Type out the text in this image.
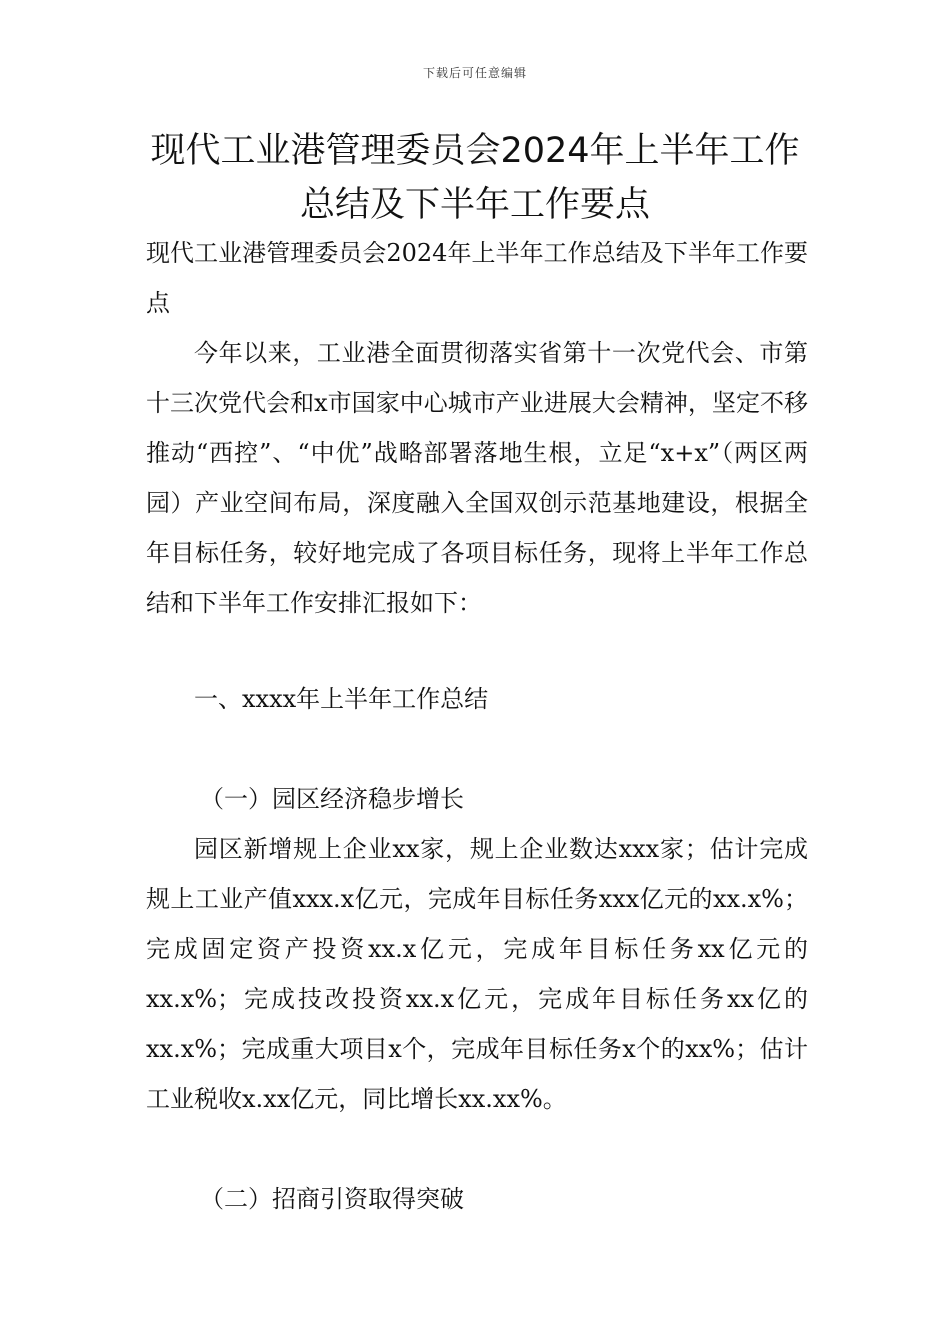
下载后可任意编辑
现代工业港管理委员会2024年上半年工作
总结及下半年工作要点

现代工业港管理委员会2024年上半年工作总结及下半年工作要点

今年以来，工业港全面贯彻落实省第十一次党代会、市第十三次党代会和x市国家中心城市产业进展大会精神，坚定不移推动“西控”、“中优”战略部署落地生根，立足“x+x”（两区两园）产业空间布局，深度融入全国双创示范基地建设，根据全年目标任务，较好地完成了各项目标任务，现将上半年工作总结和下半年工作安排汇报如下：

一、xxxx年上半年工作总结

（一）园区经济稳步增长

园区新增规上企业xx家，规上企业数达xxx家；估计完成规上工业产值xxx.x亿元，完成年目标任务xxx亿元的xx.x%；完成固定资产投资xx.x亿元，完成年目标任务xx亿元的xx.x%；完成技改投资xx.x亿元，完成年目标任务xx亿的xx.x%；完成重大项目x个，完成年目标任务x个的xx%；估计工业税收x.xx亿元，同比增长xx.xx%。

（二）招商引资取得突破
